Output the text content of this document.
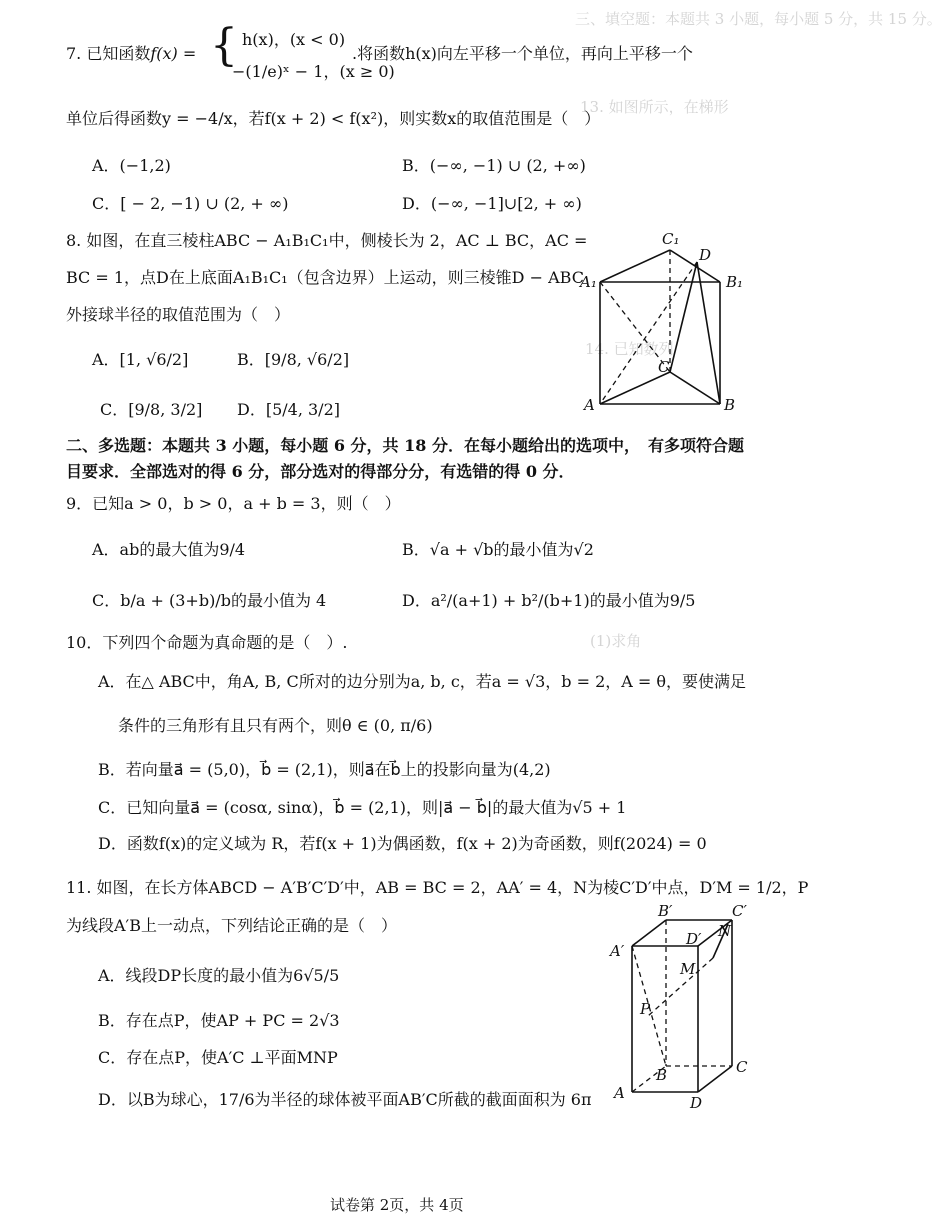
三、填空题：本题共 3 小题，每小题 5 分，共 15 分。
13. 如图所示，在梯形
14. 已知数列
(1)求角
7. 已知函数f(x) = { h(x)，(x < 0)
−(1/e)ˣ − 1，(x ≥ 0)
.将函数h(x)向左平移一个单位，再向上平移一个
单位后得函数y = −4/x，若f(x + 2) < f(x²)，则实数x的取值范围是（　）
A．(−1,2)	B．(−∞, −1) ∪ (2, +∞)
C．[ − 2, −1) ∪ (2, + ∞)	D．(−∞, −1]∪[2, + ∞)
8. 如图，在直三棱柱ABC − A₁B₁C₁中，侧棱长为 2，AC ⊥ BC，AC =
BC = 1，点D在上底面A₁B₁C₁（包含边界）上运动，则三棱锥D − ABC
外接球半径的取值范围为（　）
A．[1, √6/2]	B．[9/8, √6/2]
C．[9/8, 3/2] D．[5/4, 3/2]
A₁
C₁
D
B₁
C
A	B
二、多选题：本题共 3 小题，每小题 6 分，共 18 分．在每小题给出的选项中，　有多项符合题
目要求．全部选对的得 6 分，部分选对的得部分分，有选错的得 0 分．
9．已知a > 0，b > 0，a + b = 3，则（　）
A．ab的最大值为9/4	B．√a + √b的最小值为√2
C．b/a + (3+b)/b的最小值为 4	D．a²/(a+1) + b²/(b+1)的最小值为9/5
10．下列四个命题为真命题的是（　）.
A．在△ ABC中，角A, B, C所对的边分别为a, b, c，若a = √3，b = 2，A = θ，要使满足
条件的三角形有且只有两个，则θ ∈ (0, π/6)
B．若向量a⃗ = (5,0)，b⃗ = (2,1)，则a⃗在b⃗上的投影向量为(4,2)
C．已知向量a⃗ = (cosα, sinα)，b⃗ = (2,1)，则|a⃗ − b⃗|的最大值为√5 + 1
D．函数f(x)的定义域为 R，若f(x + 1)为偶函数，f(x + 2)为奇函数，则f(2024) = 0
11. 如图，在长方体ABCD − A′B′C′D′中，AB = BC = 2，AA′ = 4，N为棱C′D′中点，D′M = 1/2，P
为线段A′B上一动点，下列结论正确的是（　）
A．线段DP长度的最小值为6√5/5
B．存在点P，使AP + PC = 2√3
C．存在点P，使A′C ⊥平面MNP
D．以B为球心，17/6为半径的球体被平面AB′C所截的截面面积为 6π
B′	C′
A′
D′ N
M
P
B	C
A
D
试卷第 2页，共 4页
